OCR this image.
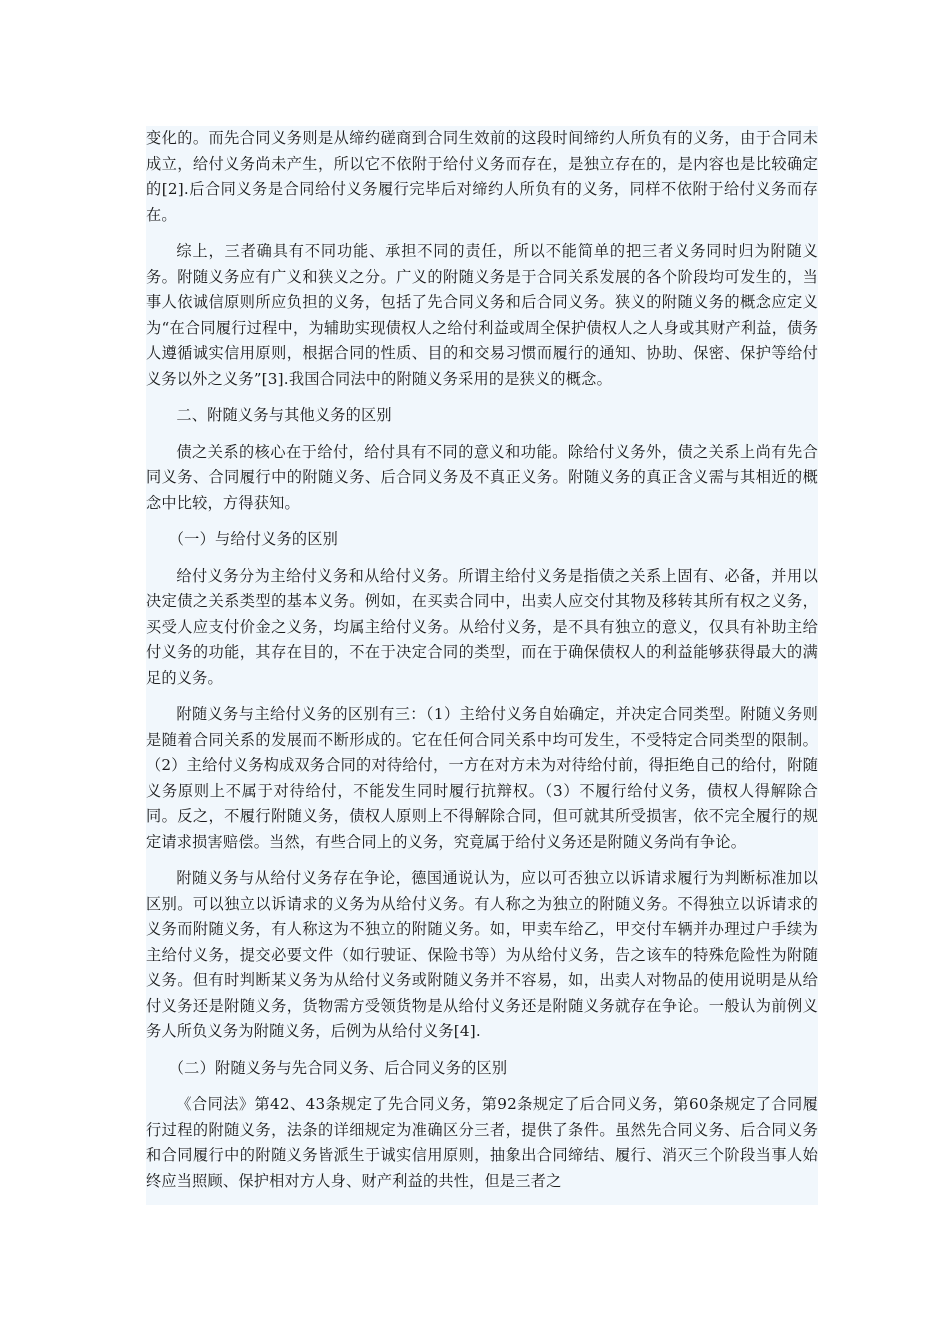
变化的。而先合同义务则是从缔约磋商到合同生效前的这段时间缔约人所负有的义务，由于合同未成立，给付义务尚未产生，所以它不依附于给付义务而存在，是独立存在的，是内容也是比较确定的[2].后合同义务是合同给付义务履行完毕后对缔约人所负有的义务，同样不依附于给付义务而存在。

综上，三者确具有不同功能、承担不同的责任，所以不能简单的把三者义务同时归为附随义务。附随义务应有广义和狭义之分。广义的附随义务是于合同关系发展的各个阶段均可发生的，当事人依诚信原则所应负担的义务，包括了先合同义务和后合同义务。狭义的附随义务的概念应定义为“在合同履行过程中，为辅助实现债权人之给付利益或周全保护债权人之人身或其财产利益，债务人遵循诚实信用原则，根据合同的性质、目的和交易习惯而履行的通知、协助、保密、保护等给付义务以外之义务”[3].我国合同法中的附随义务采用的是狭义的概念。

二、附随义务与其他义务的区别

债之关系的核心在于给付，给付具有不同的意义和功能。除给付义务外，债之关系上尚有先合同义务、合同履行中的附随义务、后合同义务及不真正义务。附随义务的真正含义需与其相近的概念中比较，方得获知。

（一）与给付义务的区别

给付义务分为主给付义务和从给付义务。所谓主给付义务是指债之关系上固有、必备，并用以决定债之关系类型的基本义务。例如，在买卖合同中，出卖人应交付其物及移转其所有权之义务，买受人应支付价金之义务，均属主给付义务。从给付义务，是不具有独立的意义，仅具有补助主给付义务的功能，其存在目的，不在于决定合同的类型，而在于确保债权人的利益能够获得最大的满足的义务。

附随义务与主给付义务的区别有三：（1）主给付义务自始确定，并决定合同类型。附随义务则是随着合同关系的发展而不断形成的。它在任何合同关系中均可发生，不受特定合同类型的限制。（2）主给付义务构成双务合同的对待给付，一方在对方未为对待给付前，得拒绝自己的给付，附随义务原则上不属于对待给付，不能发生同时履行抗辩权。（3）不履行给付义务，债权人得解除合同。反之，不履行附随义务，债权人原则上不得解除合同，但可就其所受损害，依不完全履行的规定请求损害赔偿。当然，有些合同上的义务，究竟属于给付义务还是附随义务尚有争论。

附随义务与从给付义务存在争论，德国通说认为，应以可否独立以诉请求履行为判断标准加以区别。可以独立以诉请求的义务为从给付义务。有人称之为独立的附随义务。不得独立以诉请求的义务而附随义务，有人称这为不独立的附随义务。如，甲卖车给乙，甲交付车辆并办理过户手续为主给付义务，提交必要文件（如行驶证、保险书等）为从给付义务，告之该车的特殊危险性为附随义务。但有时判断某义务为从给付义务或附随义务并不容易，如，出卖人对物品的使用说明是从给付义务还是附随义务，货物需方受领货物是从给付义务还是附随义务就存在争论。一般认为前例义务人所负义务为附随义务，后例为从给付义务[4].

（二）附随义务与先合同义务、后合同义务的区别

《合同法》第42、43条规定了先合同义务，第92条规定了后合同义务，第60条规定了合同履行过程的附随义务，法条的详细规定为准确区分三者，提供了条件。虽然先合同义务、后合同义务和合同履行中的附随义务皆派生于诚实信用原则，抽象出合同缔结、履行、消灭三个阶段当事人始终应当照顾、保护相对方人身、财产利益的共性，但是三者之
